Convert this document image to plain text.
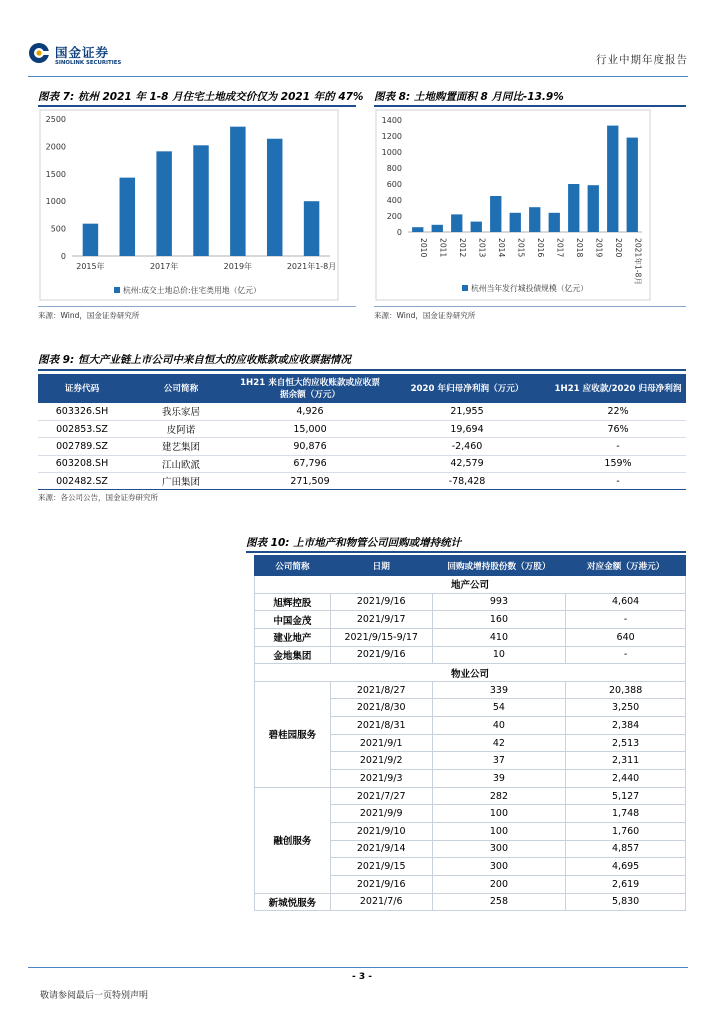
国金证券
SINOLINK SECURITIES	行业中期年度报告
图表 7: 杭州 2021 年 1-8 月住宅土地成交价仅为 2021 年的 47%
0
500
1000
1500
2000
2500
2015年	2017年	2019年	2021年1-8月
杭州:成交土地总价:住宅类用地（亿元）
来源：Wind，国金证券研究所
图表 8: 土地购置面积 8 月同比-13.9%
0
200
400
600
800
1000
1200
1400
2010 2011 2012 2013 2014 2015 2016 2017 2018 2019 2020 2021年1-8月
杭州当年发行城投债规模（亿元）
来源：Wind，国金证券研究所
图表 9: 恒大产业链上市公司中来自恒大的应收账款或应收票据情况
证券代码	公司简称	1H21 来自恒大的应收账款或应收票据余额（万元）	2020 年归母净利润（万元）	1H21 应收款/2020 归母净利润
603326.SH	我乐家居	4,926	21,955	22%
002853.SZ	皮阿诺	15,000	19,694	76%
002789.SZ	建艺集团	90,876	-2,460	-
603208.SH	江山欧派	67,796	42,579	159%
002482.SZ	广田集团	271,509	-78,428	-
来源：各公司公告，国金证券研究所
图表 10: 上市地产和物管公司回购或增持统计
公司简称	日期	回购或增持股份数（万股）	对应金额（万港元）
地产公司			
旭辉控股	2021/9/16	993	4,604
中国金茂	2021/9/17	160	-
建业地产	2021/9/15-9/17	410	640
金地集团	2021/9/16	10	-
物业公司			
碧桂园服务	2021/8/27	339	20,388
	2021/8/30	54	3,250
	2021/8/31	40	2,384
	2021/9/1	42	2,513
	2021/9/2	37	2,311
	2021/9/3	39	2,440
融创服务	2021/7/27	282	5,127
	2021/9/9	100	1,748
	2021/9/10	100	1,760
	2021/9/14	300	4,857
	2021/9/15	300	4,695
	2021/9/16	200	2,619
新城悦服务	2021/7/6	258	5,830
- 3 -
敬请参阅最后一页特别声明
